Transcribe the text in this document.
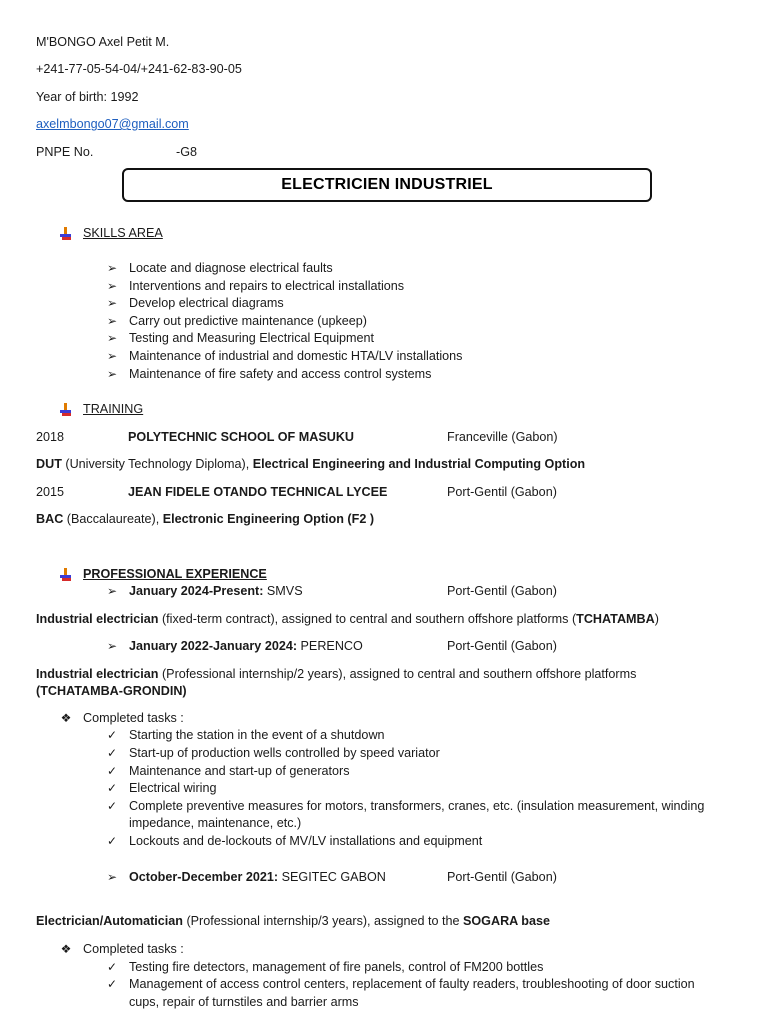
M'BONGO Axel Petit M.
+241-77-05-54-04/+241-62-83-90-05
Year of birth: 1992
axelmbongo07@gmail.com
PNPE No.	-G8
ELECTRICIEN INDUSTRIEL
SKILLS AREA
➢ Locate and diagnose electrical faults
➢ Interventions and repairs to electrical installations
➢ Develop electrical diagrams
➢ Carry out predictive maintenance (upkeep)
➢ Testing and Measuring Electrical Equipment
➢ Maintenance of industrial and domestic HTA/LV installations
➢ Maintenance of fire safety and access control systems
TRAINING
2018	POLYTECHNIC SCHOOL OF MASUKU	Franceville (Gabon)
DUT (University Technology Diploma), Electrical Engineering and Industrial Computing Option
2015	JEAN FIDELE OTANDO TECHNICAL LYCEE	Port-Gentil (Gabon)
BAC (Baccalaureate), Electronic Engineering Option (F2 )
PROFESSIONAL EXPERIENCE
➢ January 2024-Present: SMVS	Port-Gentil (Gabon)
Industrial electrician (fixed-term contract), assigned to central and southern offshore platforms (TCHATAMBA)
➢ January 2022-January 2024: PERENCO	Port-Gentil (Gabon)
Industrial electrician (Professional internship/2 years), assigned to central and southern offshore platforms
(TCHATAMBA-GRONDIN)
❖ Completed tasks :
✓ Starting the station in the event of a shutdown
✓ Start-up of production wells controlled by speed variator
✓ Maintenance and start-up of generators
✓ Electrical wiring
✓ Complete preventive measures for motors, transformers, cranes, etc. (insulation measurement, winding
impedance, maintenance, etc.)
✓ Lockouts and de-lockouts of MV/LV installations and equipment
➢ October-December 2021: SEGITEC GABON	Port-Gentil (Gabon)
Electrician/Automatician (Professional internship/3 years), assigned to the SOGARA base
❖ Completed tasks :
✓ Testing fire detectors, management of fire panels, control of FM200 bottles
✓ Management of access control centers, replacement of faulty readers, troubleshooting of door suction
cups, repair of turnstiles and barrier arms
